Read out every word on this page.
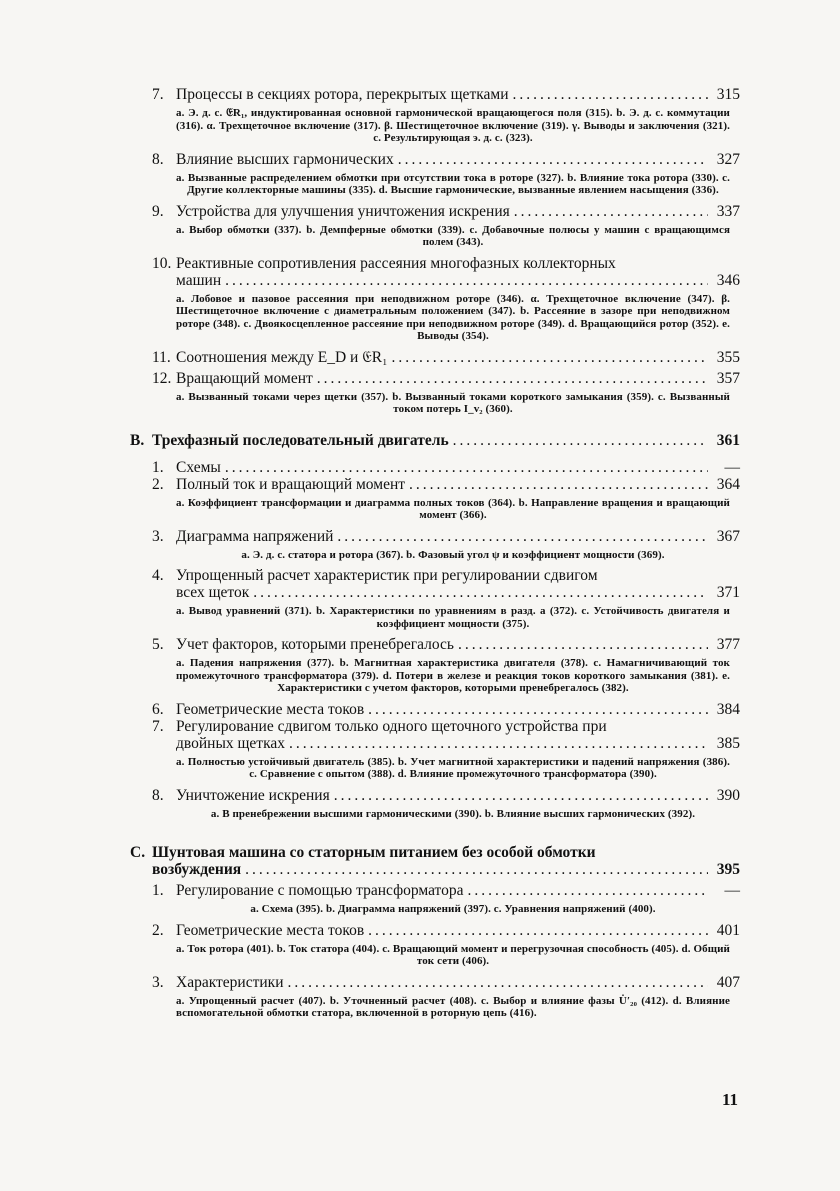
7. Процессы в секциях ротора, перекрытых щетками .....	315
a. Э. д. с. 𝔈R₁, индуктированная основной гармонической вращающегося поля (315). b. Э. д. с. коммутации (316). α. Трехщеточное включение (317). β. Шестищеточное включение (319). γ. Выводы и заключения (321). c. Результирующая э. д. с. (323).
8. Влияние высших гармонических .....	327
a. Вызванные распределением обмотки при отсутствии тока в роторе (327). b. Влияние тока ротора (330). c. Другие коллекторные машины (335). d. Высшие гармонические, вызванные явлением насыщения (336).
9. Устройства для улучшения уничтожения искрения .....	337
a. Выбор обмотки (337). b. Демпферные обмотки (339). c. Добавочные полюсы у машин с вращающимся полем (343).
10. Реактивные сопротивления рассеяния многофазных коллекторных
машин .....	346
a. Лобовое и пазовое рассеяния при неподвижном роторе (346). α. Трехщеточное включение (347). β. Шестищеточное включение с диаметральным положением (347). b. Рассеяние в зазоре при неподвижном роторе (348). c. Двоякосцепленное рассеяние при неподвижном роторе (349). d. Вращающийся ротор (352). e. Выводы (354).
11. Соотношения между E_D и 𝔈R₁ .....	355
12. Вращающий момент .....	357
a. Вызванный токами через щетки (357). b. Вызванный токами короткого замыкания (359). c. Вызванный током потерь I_v₂ (360).
B. Трехфазный последовательный двигатель .....	361
1. Схемы .....	—
2. Полный ток и вращающий момент .....	364
a. Коэффициент трансформации и диаграмма полных токов (364). b. Направление вращения и вращающий момент (366).
3. Диаграмма напряжений .....	367
a. Э. д. с. статора и ротора (367). b. Фазовый угол ψ и коэффициент мощности (369).
4. Упрощенный расчет характеристик при регулировании сдвигом
всех щеток .....	371
a. Вывод уравнений (371). b. Характеристики по уравнениям в разд. a (372). c. Устойчивость двигателя и коэффициент мощности (375).
5. Учет факторов, которыми пренебрегалось .....	377
a. Падения напряжения (377). b. Магнитная характеристика двигателя (378). c. Намагничивающий ток промежуточного трансформатора (379). d. Потери в железе и реакция токов короткого замыкания (381). e. Характеристики с учетом факторов, которыми пренебрегалось (382).
6. Геометрические места токов .....	384
7. Регулирование сдвигом только одного щеточного устройства при
двойных щетках .....	385
a. Полностью устойчивый двигатель (385). b. Учет магнитной характеристики и падений напряжения (386). c. Сравнение с опытом (388). d. Влияние промежуточного трансформатора (390).
8. Уничтожение искрения .....	390
a. В пренебрежении высшими гармоническими (390). b. Влияние высших гармонических (392).
C. Шунтовая машина со статорным питанием без особой обмотки
возбуждения .....	395
1. Регулирование с помощью трансформатора .....	—
a. Схема (395). b. Диаграмма напряжений (397). c. Уравнения напряжений (400).
2. Геометрические места токов .....	401
a. Ток ротора (401). b. Ток статора (404). c. Вращающий момент и перегрузочная способность (405). d. Общий ток сети (406).
3. Характеристики .....	407
a. Упрощенный расчет (407). b. Уточненный расчет (408). c. Выбор и влияние фазы U̇′₂₀ (412). d. Влияние вспомогательной обмотки статора, включенной в роторную цепь (416).
11
